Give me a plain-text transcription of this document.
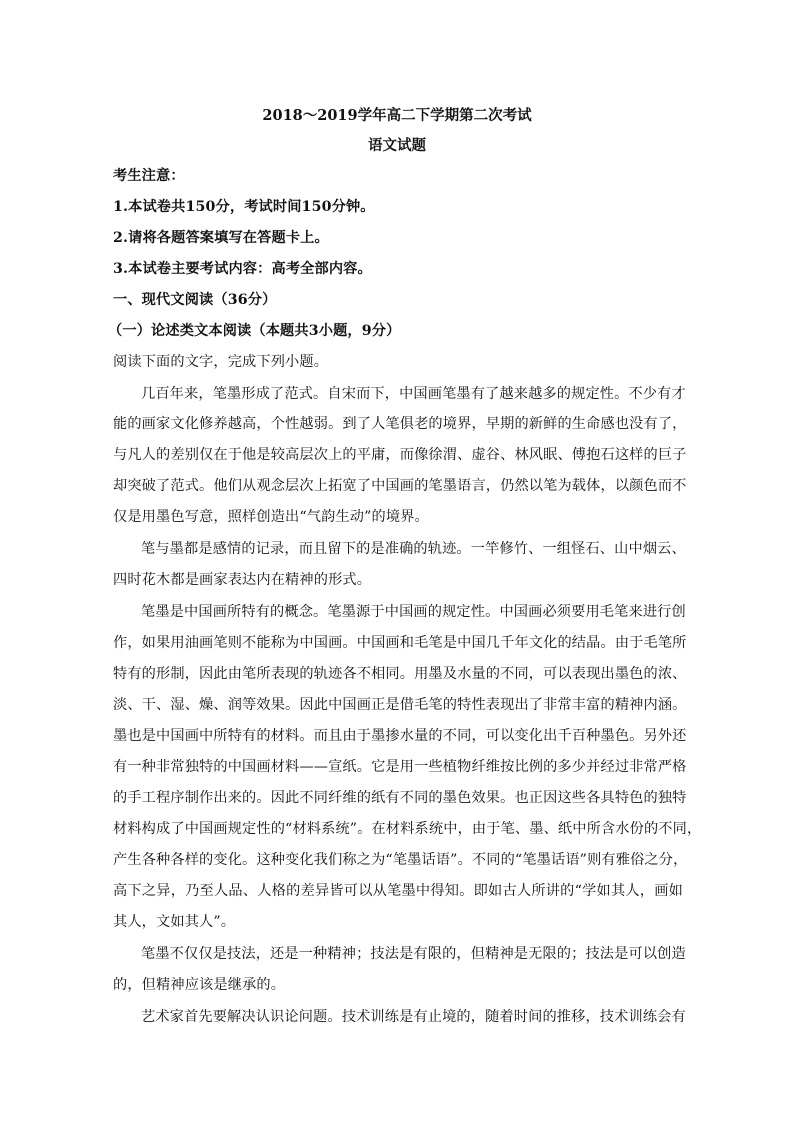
2018～2019学年高二下学期第二次考试
语文试题
考生注意：
1.本试卷共150分，考试时间150分钟。
2.请将各题答案填写在答题卡上。
3.本试卷主要考试内容：高考全部内容。
一、现代文阅读（36分）
（一）论述类文本阅读（本题共3小题，9分）
阅读下面的文字，完成下列小题。
几百年来，笔墨形成了范式。自宋而下，中国画笔墨有了越来越多的规定性。不少有才
能的画家文化修养越高，个性越弱。到了人笔俱老的境界，早期的新鲜的生命感也没有了，
与凡人的差别仅在于他是较高层次上的平庸，而像徐渭、虚谷、林风眠、傅抱石这样的巨子
却突破了范式。他们从观念层次上拓宽了中国画的笔墨语言，仍然以笔为载体，以颜色而不
仅是用墨色写意，照样创造出“气韵生动”的境界。
笔与墨都是感情的记录，而且留下的是准确的轨迹。一竿修竹、一组怪石、山中烟云、
四时花木都是画家表达内在精神的形式。
笔墨是中国画所特有的概念。笔墨源于中国画的规定性。中国画必须要用毛笔来进行创
作，如果用油画笔则不能称为中国画。中国画和毛笔是中国几千年文化的结晶。由于毛笔所
特有的形制，因此由笔所表现的轨迹各不相同。用墨及水量的不同，可以表现出墨色的浓、
淡、干、湿、燥、润等效果。因此中国画正是借毛笔的特性表现出了非常丰富的精神内涵。
墨也是中国画中所特有的材料。而且由于墨掺水量的不同，可以变化出千百种墨色。另外还
有一种非常独特的中国画材料——宣纸。它是用一些植物纤维按比例的多少并经过非常严格
的手工程序制作出来的。因此不同纤维的纸有不同的墨色效果。也正因这些各具特色的独特
材料构成了中国画规定性的“材料系统”。在材料系统中，由于笔、墨、纸中所含水份的不同，
产生各种各样的变化。这种变化我们称之为“笔墨话语”。不同的“笔墨话语”则有雅俗之分，
高下之异，乃至人品、人格的差异皆可以从笔墨中得知。即如古人所讲的“学如其人，画如
其人，文如其人”。
笔墨不仅仅是技法，还是一种精神；技法是有限的，但精神是无限的；技法是可以创造
的，但精神应该是继承的。
艺术家首先要解决认识论问题。技术训练是有止境的，随着时间的推移，技术训练会有
